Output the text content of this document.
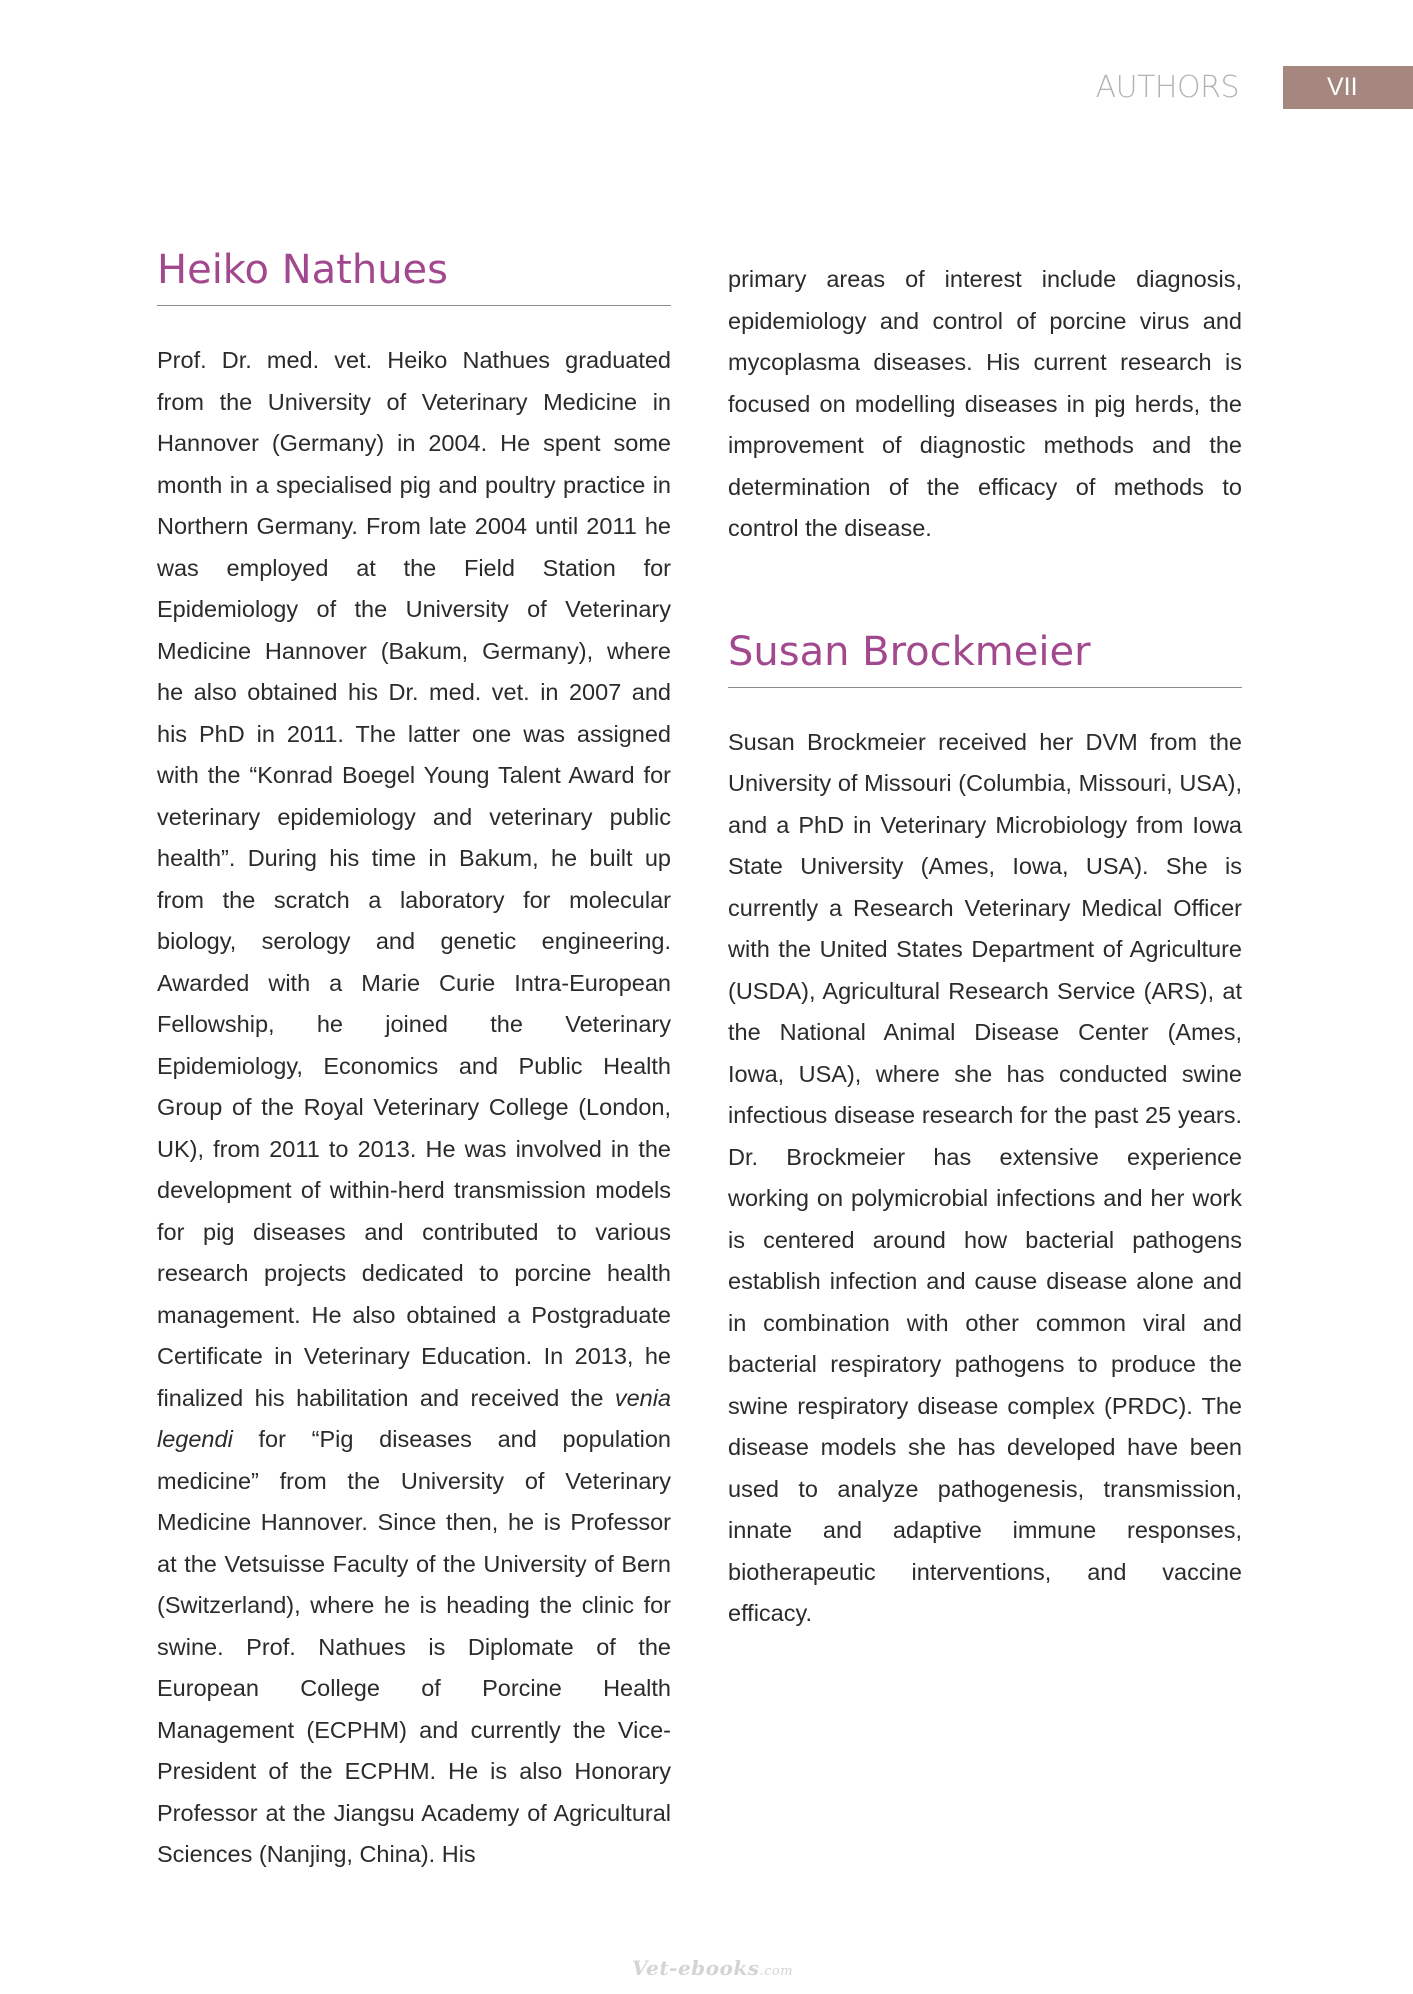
AUTHORS	VII
Heiko Nathues

Prof. Dr. med. vet. Heiko Nathues graduated from the University of Veterinary Medicine in Hannover (Germany) in 2004. He spent some month in a specialised pig and poultry practice in Northern Germany. From late 2004 until 2011 he was employed at the Field Station for Epidemiology of the University of Veterinary Medicine Hannover (Bakum, Germany), where he also obtained his Dr. med. vet. in 2007 and his PhD in 2011. The latter one was assigned with the “Konrad Boegel Young Talent Award for veterinary epidemiology and veterinary public health”. During his time in Bakum, he built up from the scratch a laboratory for molecular biology, serology and genetic engineering. Awarded with a Marie Curie Intra-European Fellowship, he joined the Veterinary Epidemiology, Economics and Public Health Group of the Royal Veterinary College (London, UK), from 2011 to 2013. He was involved in the development of within-herd transmission models for pig diseases and contributed to various research projects dedicated to porcine health management. He also obtained a Postgraduate Certificate in Veterinary Education. In 2013, he finalized his habilitation and received the venia legendi for “Pig diseases and population medicine” from the University of Veterinary Medicine Hannover. Since then, he is Professor at the Vetsuisse Faculty of the University of Bern (Switzerland), where he is heading the clinic for swine. Prof. Nathues is Diplomate of the European College of Porcine Health Management (ECPHM) and currently the Vice-President of the ECPHM. He is also Honorary Professor at the Jiangsu Academy of Agricultural Sciences (Nanjing, China). His

primary areas of interest include diagnosis, epidemiology and control of porcine virus and mycoplasma diseases. His current research is focused on modelling diseases in pig herds, the improvement of diagnostic methods and the determination of the efficacy of methods to control the disease.

Susan Brockmeier

Susan Brockmeier received her DVM from the University of Missouri (Columbia, Missouri, USA), and a PhD in Veterinary Microbiology from Iowa State University (Ames, Iowa, USA). She is currently a Research Veterinary Medical Officer with the United States Department of Agriculture (USDA), Agricultural Research Service (ARS), at the National Animal Disease Center (Ames, Iowa, USA), where she has conducted swine infectious disease research for the past 25 years. Dr. Brockmeier has extensive experience working on polymicrobial infections and her work is centered around how bacterial pathogens establish infection and cause disease alone and in combination with other common viral and bacterial respiratory pathogens to produce the swine respiratory disease complex (PRDC). The disease models she has developed have been used to analyze pathogenesis, transmission, innate and adaptive immune responses, biotherapeutic interventions, and vaccine efficacy.

Vet-ebooks.com
